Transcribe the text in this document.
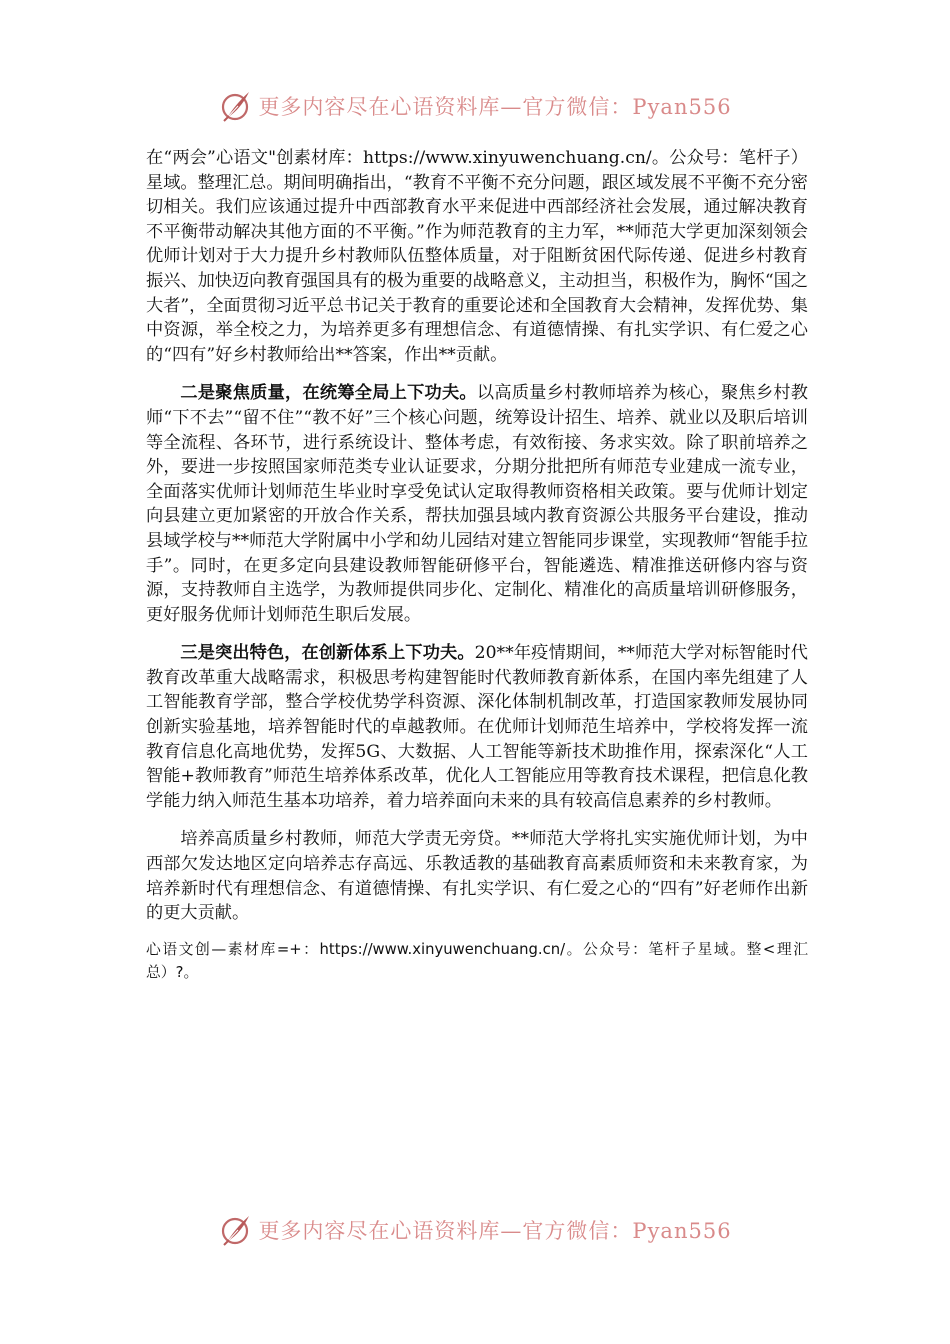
更多内容尽在心语资料库—官方微信：Pyan556

在“两会”心语文"创素材库：https://www.xinyuwenchuang.cn/。公众号：笔杆子）星域。整理汇总。期间明确指出，“教育不平衡不充分问题，跟区域发展不平衡不充分密切相关。我们应该通过提升中西部教育水平来促进中西部经济社会发展，通过解决教育不平衡带动解决其他方面的不平衡。”作为师范教育的主力军，**师范大学更加深刻领会优师计划对于大力提升乡村教师队伍整体质量，对于阻断贫困代际传递、促进乡村教育振兴、加快迈向教育强国具有的极为重要的战略意义，主动担当，积极作为，胸怀“国之大者”，全面贯彻习近平总书记关于教育的重要论述和全国教育大会精神，发挥优势、集中资源，举全校之力，为培养更多有理想信念、有道德情操、有扎实学识、有仁爱之心的“四有”好乡村教师给出**答案，作出**贡献。

二是聚焦质量，在统筹全局上下功夫。以高质量乡村教师培养为核心，聚焦乡村教师“下不去”“留不住”“教不好”三个核心问题，统筹设计招生、培养、就业以及职后培训等全流程、各环节，进行系统设计、整体考虑，有效衔接、务求实效。除了职前培养之外，要进一步按照国家师范类专业认证要求，分期分批把所有师范专业建成一流专业，全面落实优师计划师范生毕业时享受免试认定取得教师资格相关政策。要与优师计划定向县建立更加紧密的开放合作关系，帮扶加强县域内教育资源公共服务平台建设，推动县域学校与**师范大学附属中小学和幼儿园结对建立智能同步课堂，实现教师“智能手拉手”。同时，在更多定向县建设教师智能研修平台，智能遴选、精准推送研修内容与资源，支持教师自主选学，为教师提供同步化、定制化、精准化的高质量培训研修服务，更好服务优师计划师范生职后发展。

三是突出特色，在创新体系上下功夫。20**年疫情期间，**师范大学对标智能时代教育改革重大战略需求，积极思考构建智能时代教师教育新体系，在国内率先组建了人工智能教育学部，整合学校优势学科资源、深化体制机制改革，打造国家教师发展协同创新实验基地，培养智能时代的卓越教师。在优师计划师范生培养中，学校将发挥一流教育信息化高地优势，发挥5G、大数据、人工智能等新技术助推作用，探索深化“人工智能+教师教育”师范生培养体系改革，优化人工智能应用等教育技术课程，把信息化教学能力纳入师范生基本功培养，着力培养面向未来的具有较高信息素养的乡村教师。

培养高质量乡村教师，师范大学责无旁贷。**师范大学将扎实实施优师计划，为中西部欠发达地区定向培养志存高远、乐教适教的基础教育高素质师资和未来教育家，为培养新时代有理想信念、有道德情操、有扎实学识、有仁爱之心的“四有”好老师作出新的更大贡献。

心语文创—素材库=+：https://www.xinyuwenchuang.cn/。公众号：笔杆子星域。整<理汇总）?。

更多内容尽在心语资料库—官方微信：Pyan556
